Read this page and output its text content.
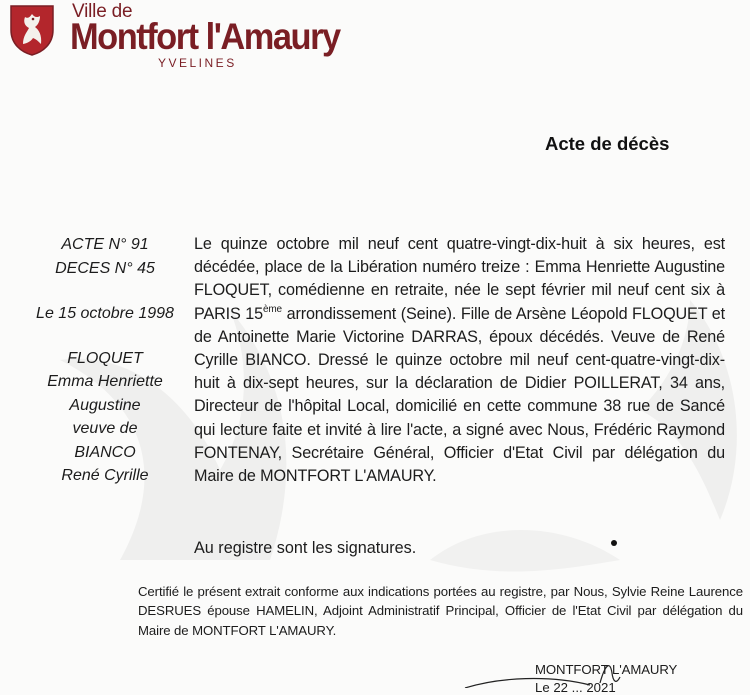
Ville de
Montfort l'Amaury
YVELINES
Acte de décès
ACTE N° 91
DECES N° 45
Le 15 octobre 1998
FLOQUET
Emma Henriette
Augustine
veuve de
BIANCO
René Cyrille
Le quinze octobre mil neuf cent quatre-vingt-dix-huit à six heures, est décédée, place de la Libération numéro treize : Emma Henriette Augustine FLOQUET, comédienne en retraite, née le sept février mil neuf cent six à PARIS 15ème arrondissement (Seine). Fille de Arsène Léopold FLOQUET et de Antoinette Marie Victorine DARRAS, époux décédés. Veuve de René Cyrille BIANCO. Dressé le quinze octobre mil neuf cent-quatre-vingt-dix-huit à dix-sept heures, sur la déclaration de Didier POILLERAT, 34 ans, Directeur de l'hôpital Local, domicilié en cette commune 38 rue de Sancé qui lecture faite et invité à lire l'acte, a signé avec Nous, Frédéric Raymond FONTENAY, Secrétaire Général, Officier d'Etat Civil par délégation du Maire de MONTFORT L'AMAURY.
Au registre sont les signatures.
Certifié le présent extrait conforme aux indications portées au registre, par Nous, Sylvie Reine Laurence DESRUES épouse HAMELIN, Adjoint Administratif Principal, Officier de l'Etat Civil par délégation du Maire de MONTFORT L'AMAURY.
MONTFORT L'AMAURY
Le 22 ... 2021
